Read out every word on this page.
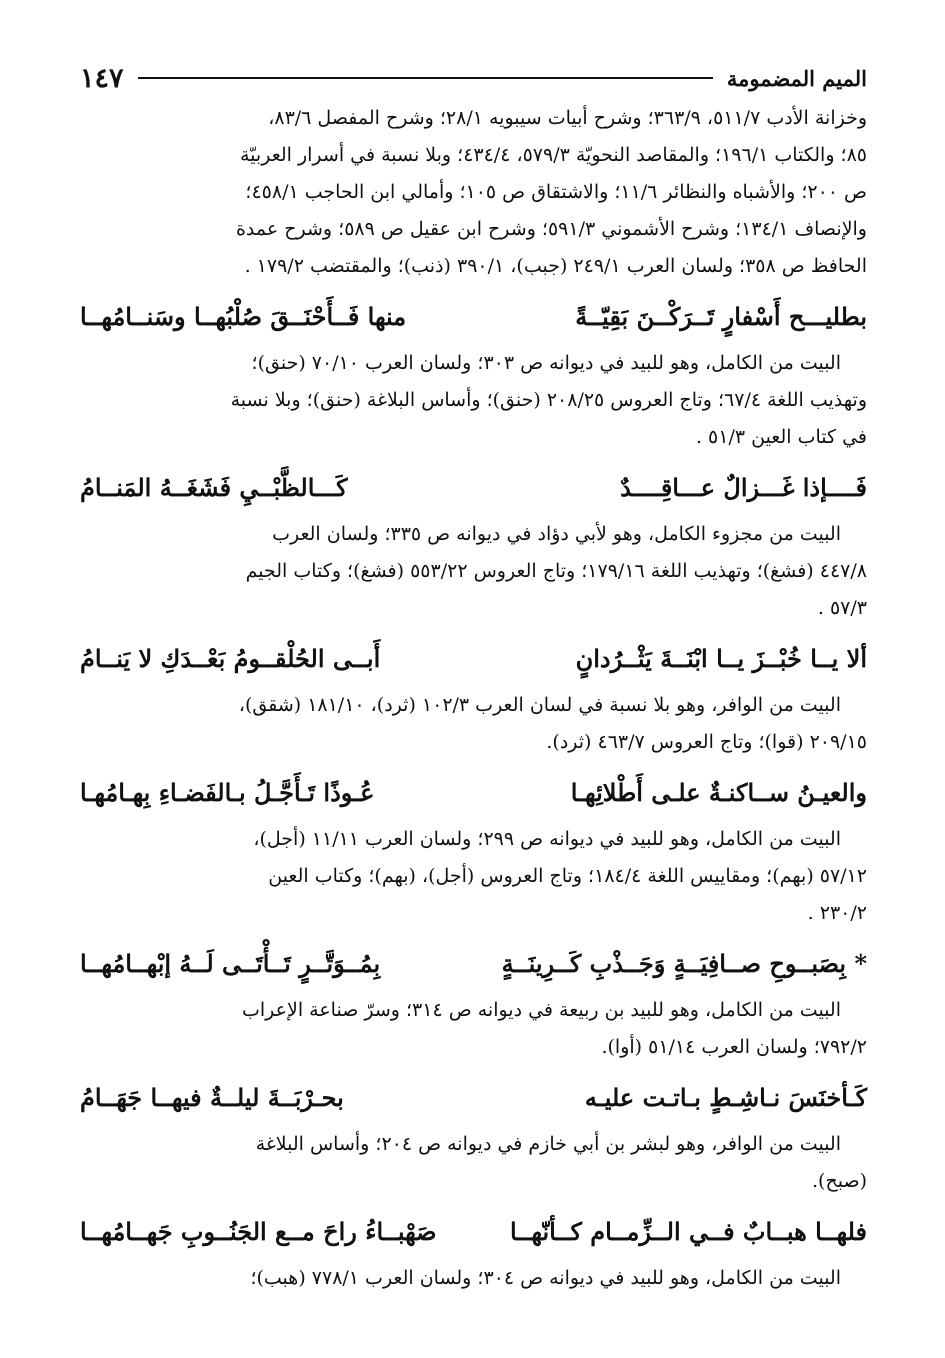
الميم المضمومة
١٤٧

وخزانة الأدب ٥١١/٧، ٣٦٣/٩؛ وشرح أبيات سيبويه ٢٨/١؛ وشرح المفصل ٨٣/٦،

٨٥؛ والكتاب ١٩٦/١؛ والمقاصد النحويّة ٥٧٩/٣، ٤٣٤/٤؛ وبلا نسبة في أسرار العربيّة

ص ٢٠٠؛ والأشباه والنظائر ١١/٦؛ والاشتقاق ص ١٠٥؛ وأمالي ابن الحاجب ٤٥٨/١؛

والإنصاف ١٣٤/١؛ وشرح الأشموني ٥٩١/٣؛ وشرح ابن عقيل ص ٥٨٩؛ وشرح عمدة

الحافظ ص ٣٥٨؛ ولسان العرب ٢٤٩/١ (جبب)، ٣٩٠/١ (ذنب)؛ والمقتضب ١٧٩/٢ .

بطليـــح أَسْفارٍ تَــرَكْــنَ بَقِيّــةً
منها فَــأَحْنَــقَ صُلْبُهــا وسَنــامُهــا

البيت من الكامل، وهو للبيد في ديوانه ص ٣٠٣؛ ولسان العرب ٧٠/١٠ (حنق)؛

وتهذيب اللغة ٦٧/٤؛ وتاج العروس ٢٠٨/٢٥ (حنق)؛ وأساس البلاغة (حنق)؛ وبلا نسبة

في كتاب العين ٥١/٣ .

فَــــإذا غَـــزالٌ عـــاقِــــدٌ
كَـــالظَّبْــيِ فَشَغَــهُ المَنــامُ

البيت من مجزوء الكامل، وهو لأبي دؤاد في ديوانه ص ٣٣٥؛ ولسان العرب

٤٤٧/٨ (فشغ)؛ وتهذيب اللغة ١٧٩/١٦؛ وتاج العروس ٥٥٣/٢٢ (فشغ)؛ وكتاب الجيم

٥٧/٣ .

ألا يــا خُبْــزَ يــا ابْنَــةَ يَثْــرُدانٍ
أَبــى الحُلْقــومُ بَعْــدَكِ لا يَنــامُ

البيت من الوافر، وهو بلا نسبة في لسان العرب ١٠٢/٣ (ثرد)، ١٨١/١٠ (شقق)،

٢٠٩/١٥ (قوا)؛ وتاج العروس ٤٦٣/٧ (ثرد).

والعيـنُ ســاكنـةٌ علـى أَطْلائِهـا
عُـوذًا تَـأَجَّـلُ بـالفَضـاءِ بِهـامُهـا

البيت من الكامل، وهو للبيد في ديوانه ص ٢٩٩؛ ولسان العرب ١١/١١ (أجل)،

٥٧/١٢ (بهم)؛ ومقاييس اللغة ١٨٤/٤؛ وتاج العروس (أجل)، (بهم)؛ وكتاب العين

٢٣٠/٢ .

* بِصَبــوحِ صــافِيَــةٍ وَجَــذْبِ كَــرِينَــةٍ
بِمُــوَتَّــرٍ تَــأْتَــى لَــهُ إبْهــامُهــا

البيت من الكامل، وهو للبيد بن ربيعة في ديوانه ص ٣١٤؛ وسرّ صناعة الإعراب

٧٩٢/٢؛ ولسان العرب ٥١/١٤ (أوا).

كَـأخنَسَ نـاشِـطٍ بـاتـت عليـه
بحـرْبَــةَ ليلــةٌ فيهــا جَهَــامُ

البيت من الوافر، وهو لبشر بن أبي خازم في ديوانه ص ٢٠٤؛ وأساس البلاغة

(صبح).

فلهــا هبــابٌ فــي الــزِّمــام كــأنّهــا
صَهْبــاءُ راحَ مــع الجَنُــوبِ جَهــامُهــا

البيت من الكامل، وهو للبيد في ديوانه ص ٣٠٤؛ ولسان العرب ٧٧٨/١ (هبب)؛
